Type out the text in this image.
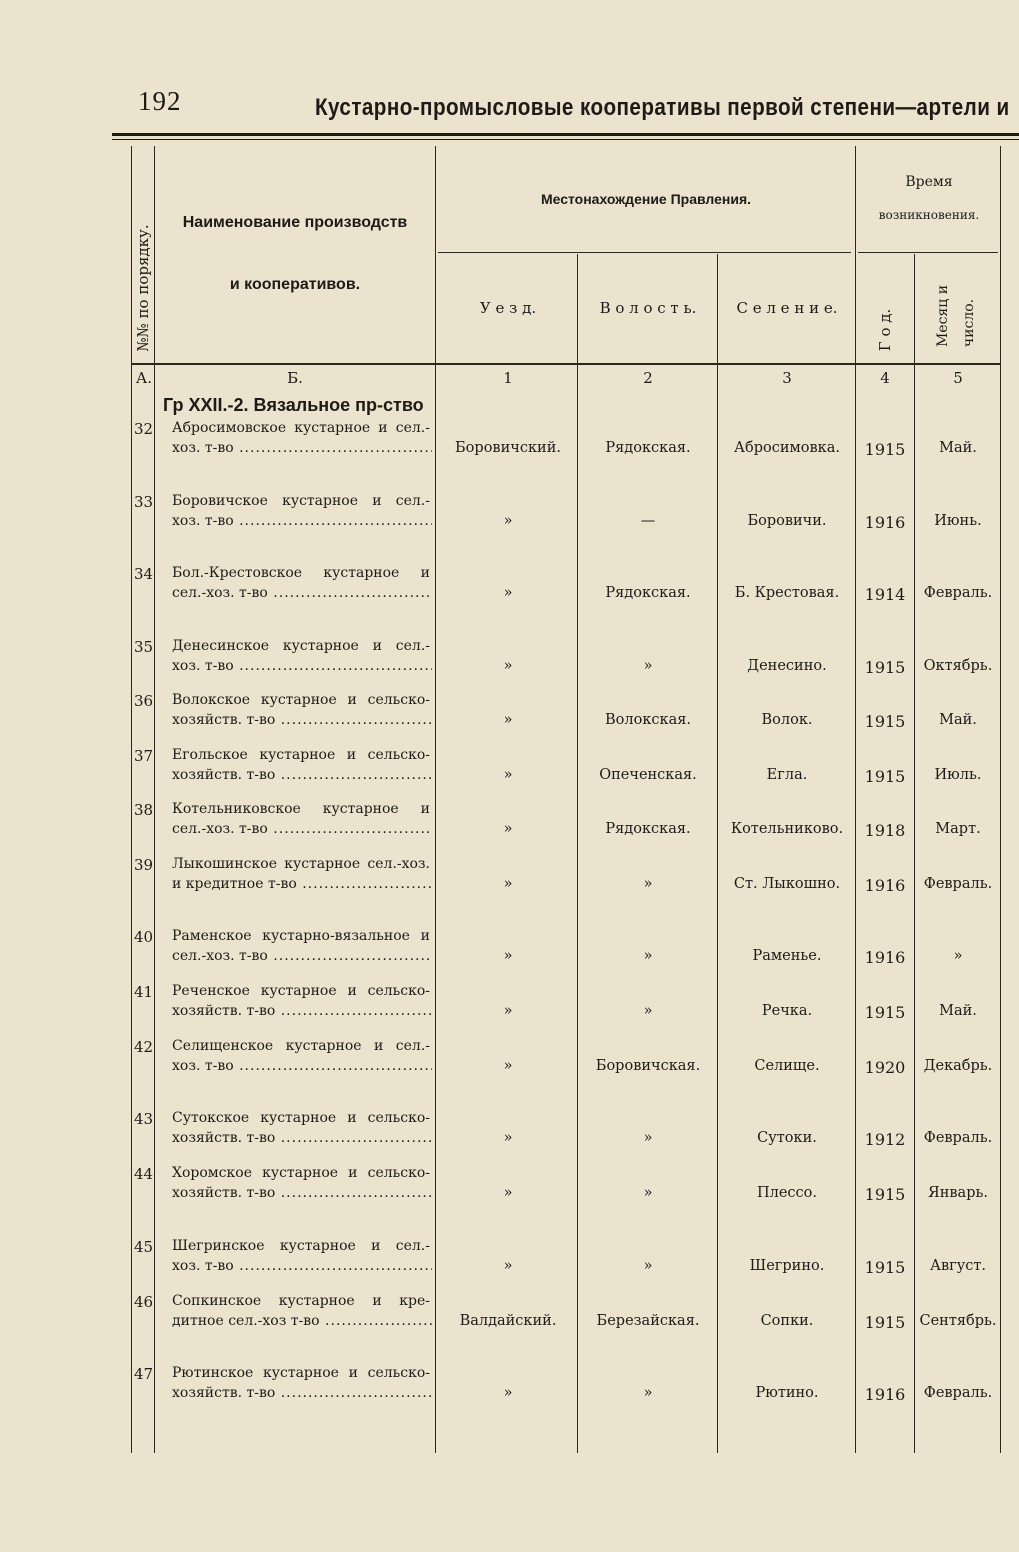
192	Кустарно-промысловые кооперативы первой степени—артели и
№№ по порядку.
Наименование производств
и кооперативов.
Местонахождение Правления.
У е з д.	В о л о с т ь.	С е л е н и е.
Время
возникновения.
Г о д.	Месяц и число.
А.	Б.	1	2	3	4	5
Гр XXII.-2. Вязальное пр-ство
32 Абросимовское кустарное и сел.-
хоз. т-во .....	Боровичский.	Рядокская.	Абросимовка.	1915	Май.
33 Боровичское кустарное и сел.-
хоз. т-во .....	»	—	Боровичи.	1916	Июнь.
34 Бол.-Крестовское кустарное и
сел.-хоз. т-во .....	»	Рядокская.	Б. Крестовая.	1914	Февраль.
35 Денесинское кустарное и сел.-
хоз. т-во .....	»	»	Денесино.	1915	Октябрь.
36 Волокское кустарное и сельско-
хозяйств. т-во .....	»	Волокская.	Волок.	1915	Май.
37 Егольское кустарное и сельско-
хозяйств. т-во .....	»	Опеченская.	Егла.	1915	Июль.
38 Котельниковское кустарное и
сел.-хоз. т-во .....	»	Рядокская.	Котельниково.	1918	Март.
39 Лыкошинское кустарное сел.-хоз.
и кредитное т-во .....	»	»	Ст. Лыкошно.	1916	Февраль.
40 Раменское кустарно-вязальное и
сел.-хоз. т-во .....	»	»	Раменье.	1916	»
41 Реченское кустарное и сельско-
хозяйств. т-во .....	»	»	Речка.	1915	Май.
42 Селищенское кустарное и сел.-
хоз. т-во .....	»	Боровичская.	Селище.	1920	Декабрь.
43 Сутокское кустарное и сельско-
хозяйств. т-во .....	»	»	Сутоки.	1912	Февраль.
44 Хоромское кустарное и сельско-
хозяйств. т-во .....	»	»	Плессо.	1915	Январь.
45 Шегринское кустарное и сел.-
хоз. т-во .....	»	»	Шегрино.	1915	Август.
46 Сопкинское кустарное и кре-
дитное сел.-хоз т-во .....	Валдайский.	Березайская.	Сопки.	1915 Сентябрь.
47 Рютинское кустарное и сельско-
хозяйств. т-во .....	»	»	Рютино.	1916	Февраль.
